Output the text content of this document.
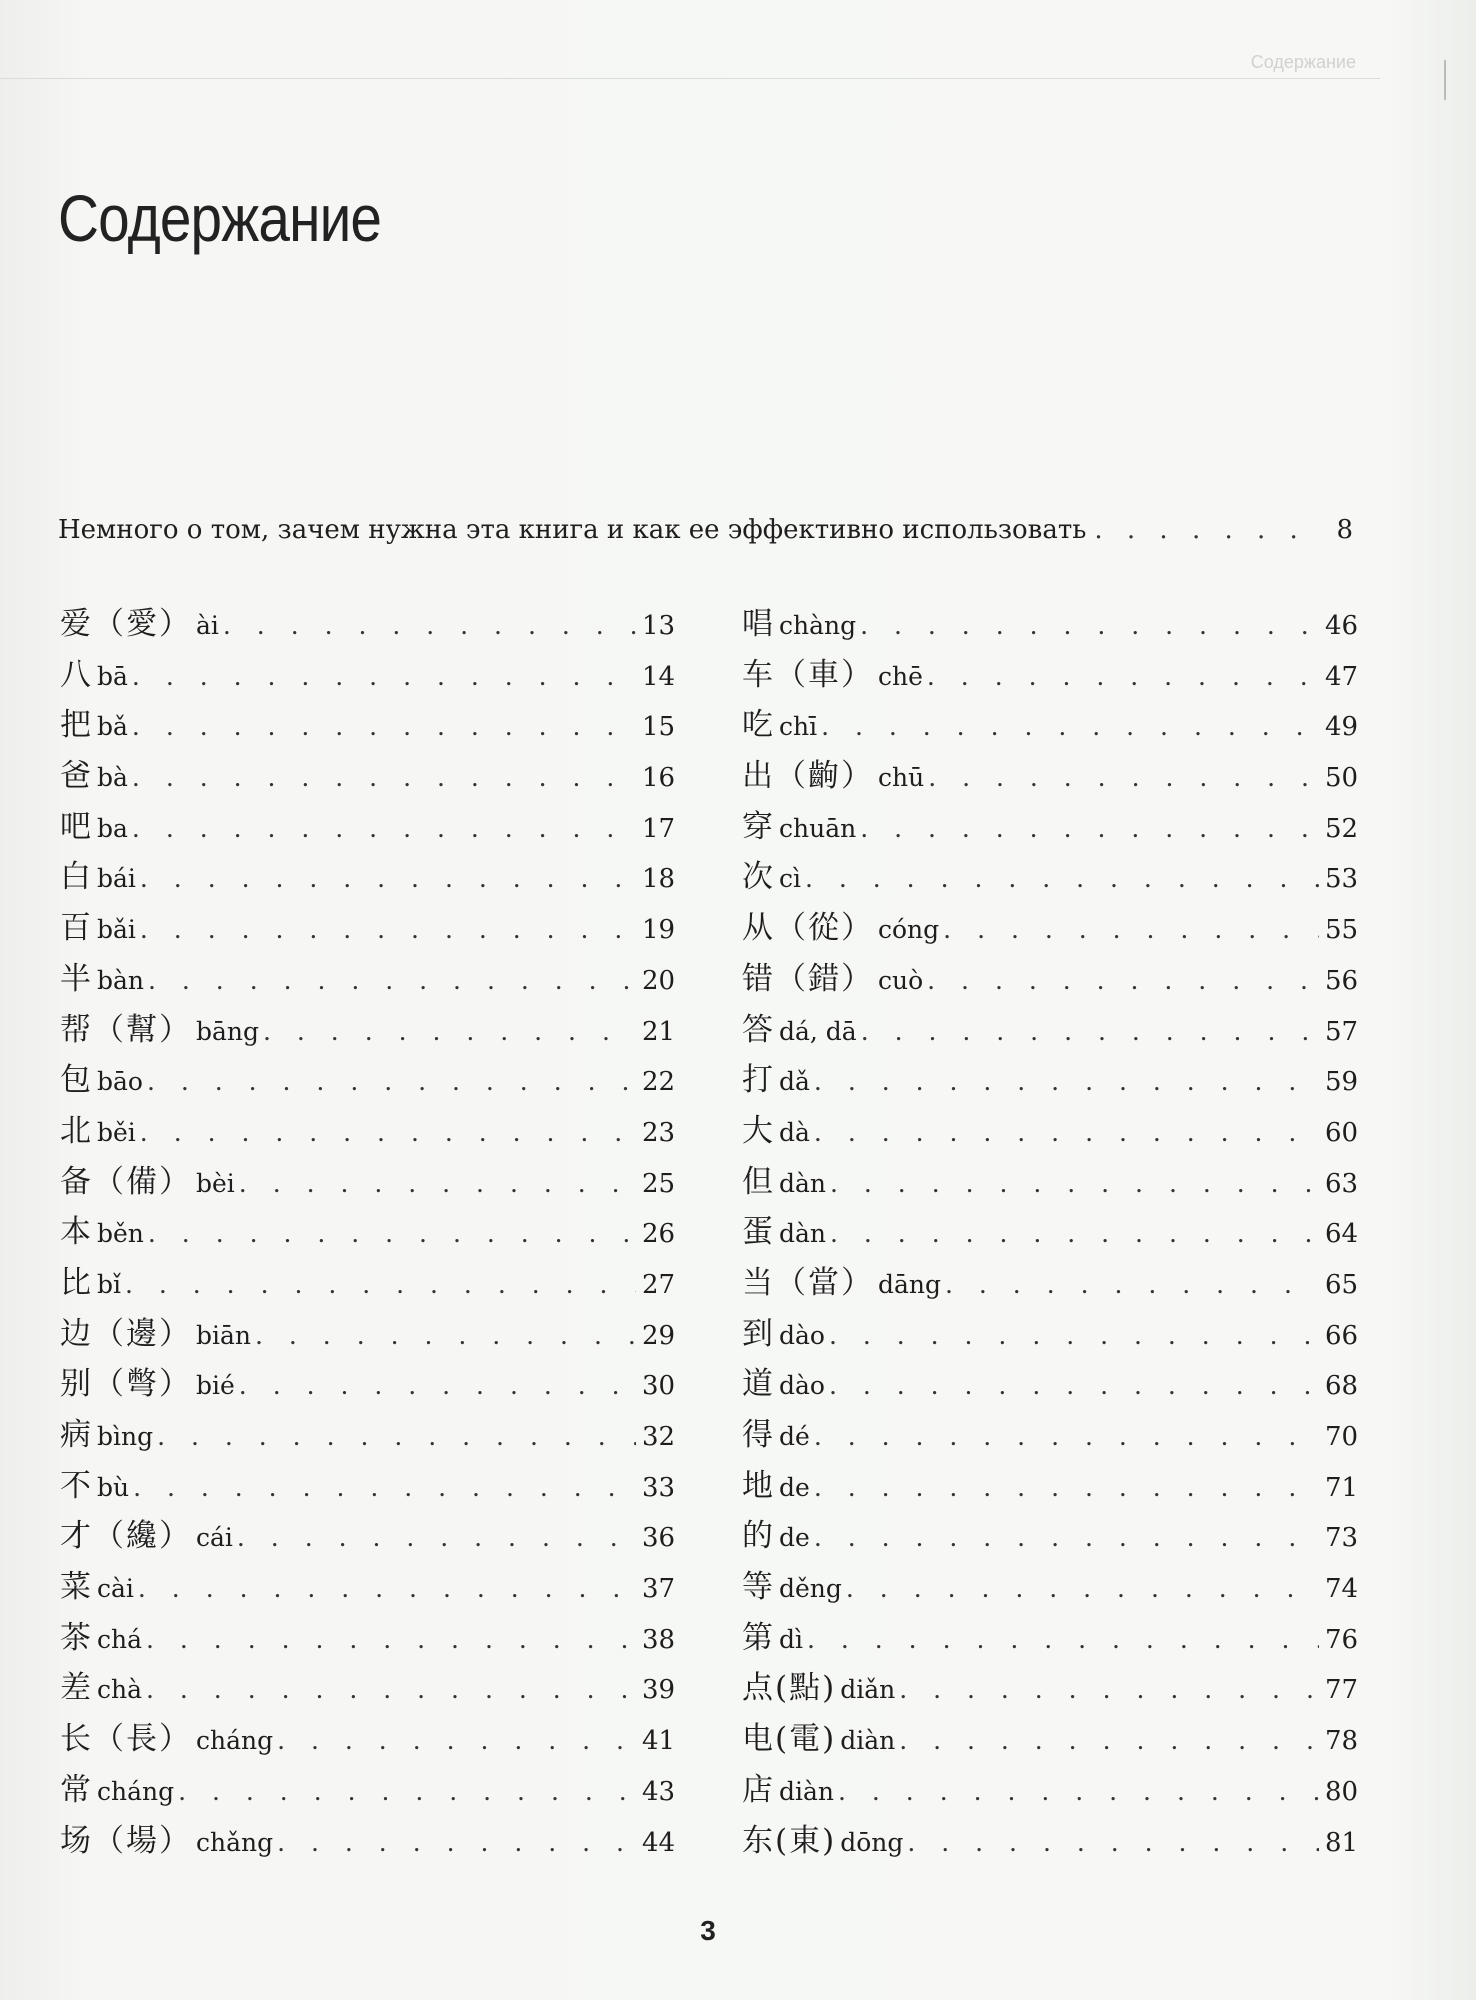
Содержание
Содержание
Немного о том, зачем нужна эта книга и как ее эффективно использовать . . .	8
爱（愛） ài . . .	13
八 bā . . .	14
把 bǎ . . .	15
爸 bà . . .	16
吧 ba . . .	17
白 bái . . .	18
百 bǎi . . .	19
半 bàn . . .	20
帮（幫） bāng . . .	21
包 bāo . . .	22
北 běi . . .	23
备（備） bèi . . .	25
本 běn . . .	26
比 bǐ . . .	27
边（邊） biān . . .	29
别（彆） bié . . .	30
病 bìng . . .	32
不 bù . . .	33
才（纔） cái . . .	36
菜 cài . . .	37
茶 chá . . .	38
差 chà . . .	39
长（長） cháng . . .	41
常 cháng . . .	43
场（場） chǎng . . .	44
唱 chàng . . .	46
车（車） chē . . .	47
吃 chī . . .	49
出（齣） chū . . .	50
穿 chuān . . .	52
次 cì . . .	53
从（從） cóng . . .	55
错（錯） cuò . . .	56
答 dá, dā . . .	57
打 dǎ . . .	59
大 dà . . .	60
但 dàn . . .	63
蛋 dàn . . .	64
当（當） dāng . . .	65
到 dào . . .	66
道 dào . . .	68
得 dé . . .	70
地 de . . .	71
的 de . . .	73
等 děng . . .	74
第 dì . . .	76
点(點) diǎn . . .	77
电(電) diàn . . .	78
店 diàn . . .	80
东(東) dōng . . .	81
3
